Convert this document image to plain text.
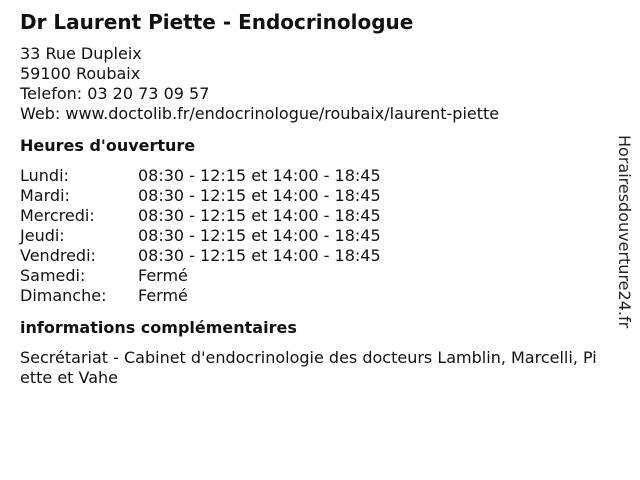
Dr Laurent Piette - Endocrinologue
33 Rue Dupleix
59100 Roubaix
Telefon: 03 20 73 09 57
Web: www.doctolib.fr/endocrinologue/roubaix/laurent-piette
Heures d'ouverture
Lundi:	08:30 - 12:15 et 14:00 - 18:45
Mardi:	08:30 - 12:15 et 14:00 - 18:45
Mercredi:	08:30 - 12:15 et 14:00 - 18:45
Jeudi:	08:30 - 12:15 et 14:00 - 18:45
Vendredi:	08:30 - 12:15 et 14:00 - 18:45
Samedi:	Fermé
Dimanche:	Fermé
informations complémentaires
Secrétariat - Cabinet d'endocrinologie des docteurs Lamblin, Marcelli, Piette et Vahe
Horairesdouverture24.fr
